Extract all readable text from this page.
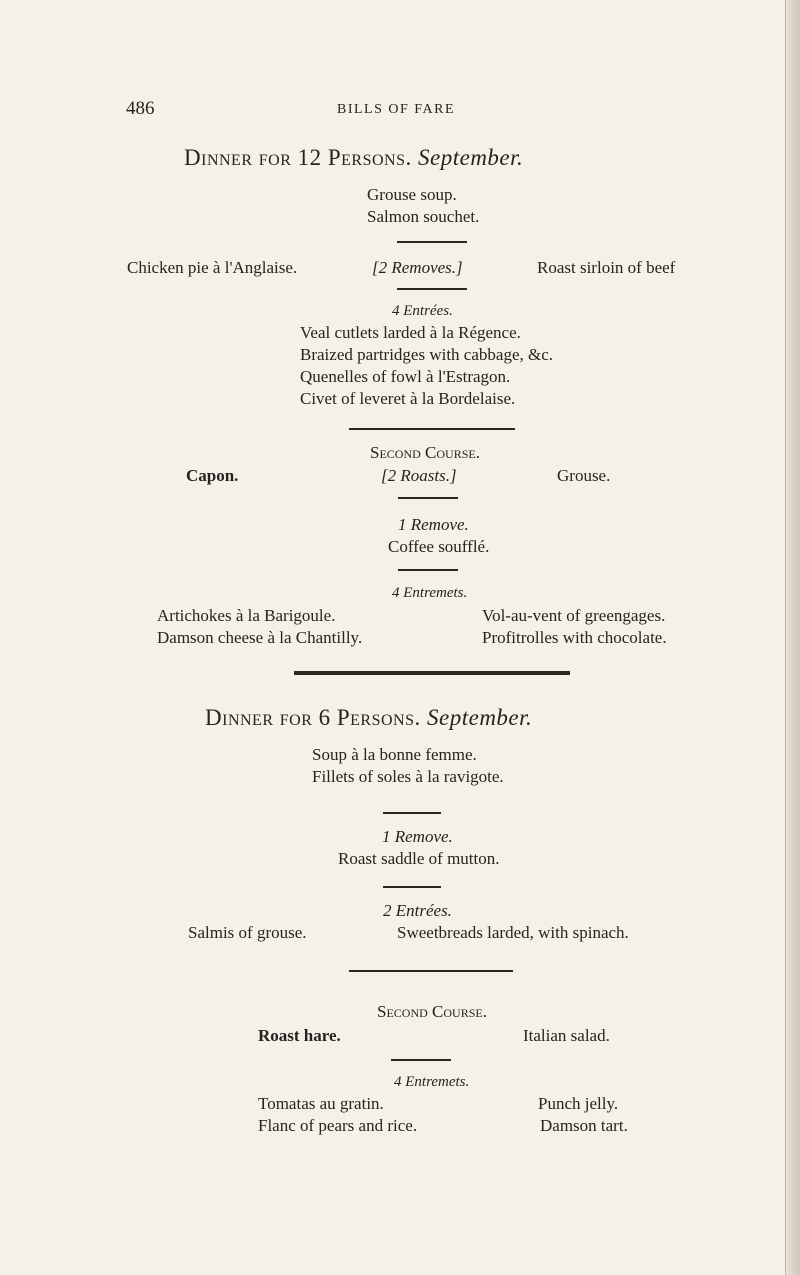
486	BILLS OF FARE
Dinner for 12 Persons. September.
Grouse soup.
Salmon souchet.
Chicken pie à l'Anglaise.	[2 Removes.]	Roast sirloin of beef
4 Entrées.
Veal cutlets larded à la Régence.
Braized partridges with cabbage, &c.
Quenelles of fowl à l'Estragon.
Civet of leveret à la Bordelaise.
Second Course.
Capon.	[2 Roasts.]	Grouse.
1 Remove.
Coffee soufflé.
4 Entremets.
Artichokes à la Barigoule.	Vol-au-vent of greengages.
Damson cheese à la Chantilly.	Profitrolles with chocolate.
Dinner for 6 Persons. September.
Soup à la bonne femme.
Fillets of soles à la ravigote.
1 Remove.
Roast saddle of mutton.
2 Entrées.
Salmis of grouse.	Sweetbreads larded, with spinach.
Second Course.
Roast hare.	Italian salad.
4 Entremets.
Tomatas au gratin.	Punch jelly.
Flanc of pears and rice.	Damson tart.
